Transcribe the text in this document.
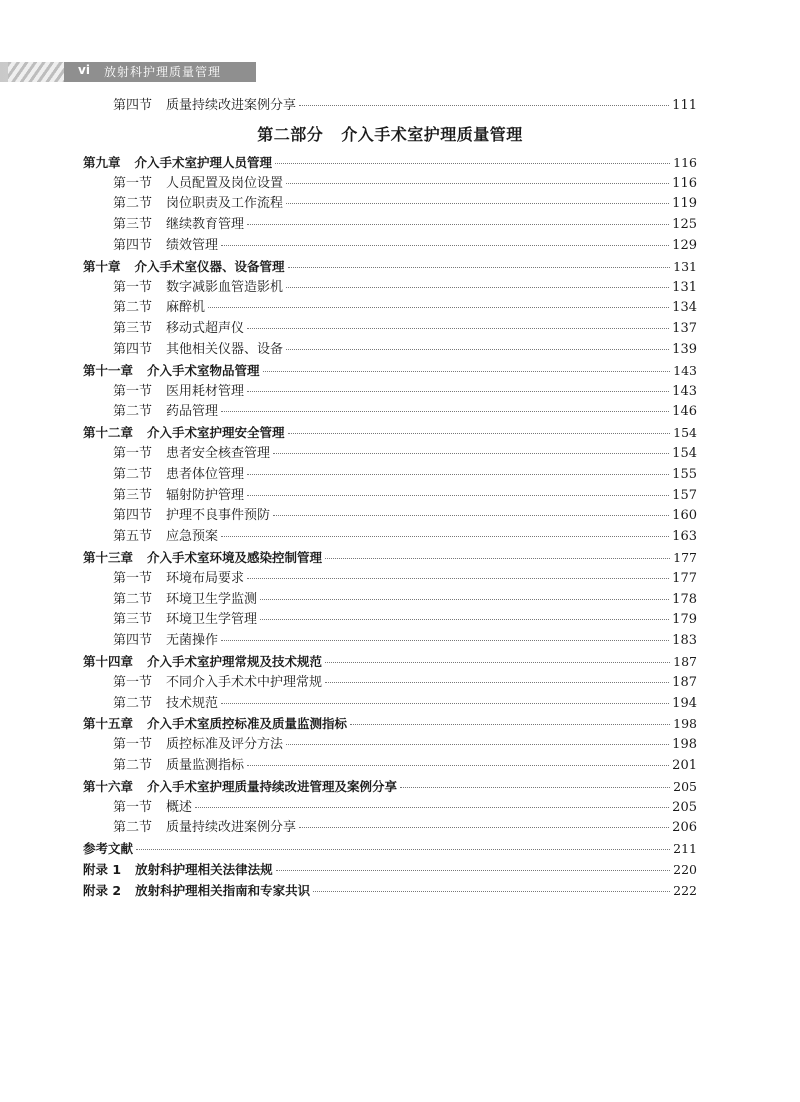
vi 放射科护理质量管理
第四节 质量持续改进案例分享	111
第二部分 介入手术室护理质量管理
第九章 介入手术室护理人员管理	116
第一节 人员配置及岗位设置	116
第二节 岗位职责及工作流程	119
第三节 继续教育管理	125
第四节 绩效管理	129
第十章 介入手术室仪器、设备管理	131
第一节 数字减影血管造影机	131
第二节 麻醉机	134
第三节 移动式超声仪	137
第四节 其他相关仪器、设备	139
第十一章 介入手术室物品管理	143
第一节 医用耗材管理	143
第二节 药品管理	146
第十二章 介入手术室护理安全管理	154
第一节 患者安全核查管理	154
第二节 患者体位管理	155
第三节 辐射防护管理	157
第四节 护理不良事件预防	160
第五节 应急预案	163
第十三章 介入手术室环境及感染控制管理	177
第一节 环境布局要求	177
第二节 环境卫生学监测	178
第三节 环境卫生学管理	179
第四节 无菌操作	183
第十四章 介入手术室护理常规及技术规范	187
第一节 不同介入手术术中护理常规	187
第二节 技术规范	194
第十五章 介入手术室质控标准及质量监测指标	198
第一节 质控标准及评分方法	198
第二节 质量监测指标	201
第十六章 介入手术室护理质量持续改进管理及案例分享	205
第一节 概述	205
第二节 质量持续改进案例分享	206
参考文献	211
附录 1 放射科护理相关法律法规	220
附录 2 放射科护理相关指南和专家共识	222
